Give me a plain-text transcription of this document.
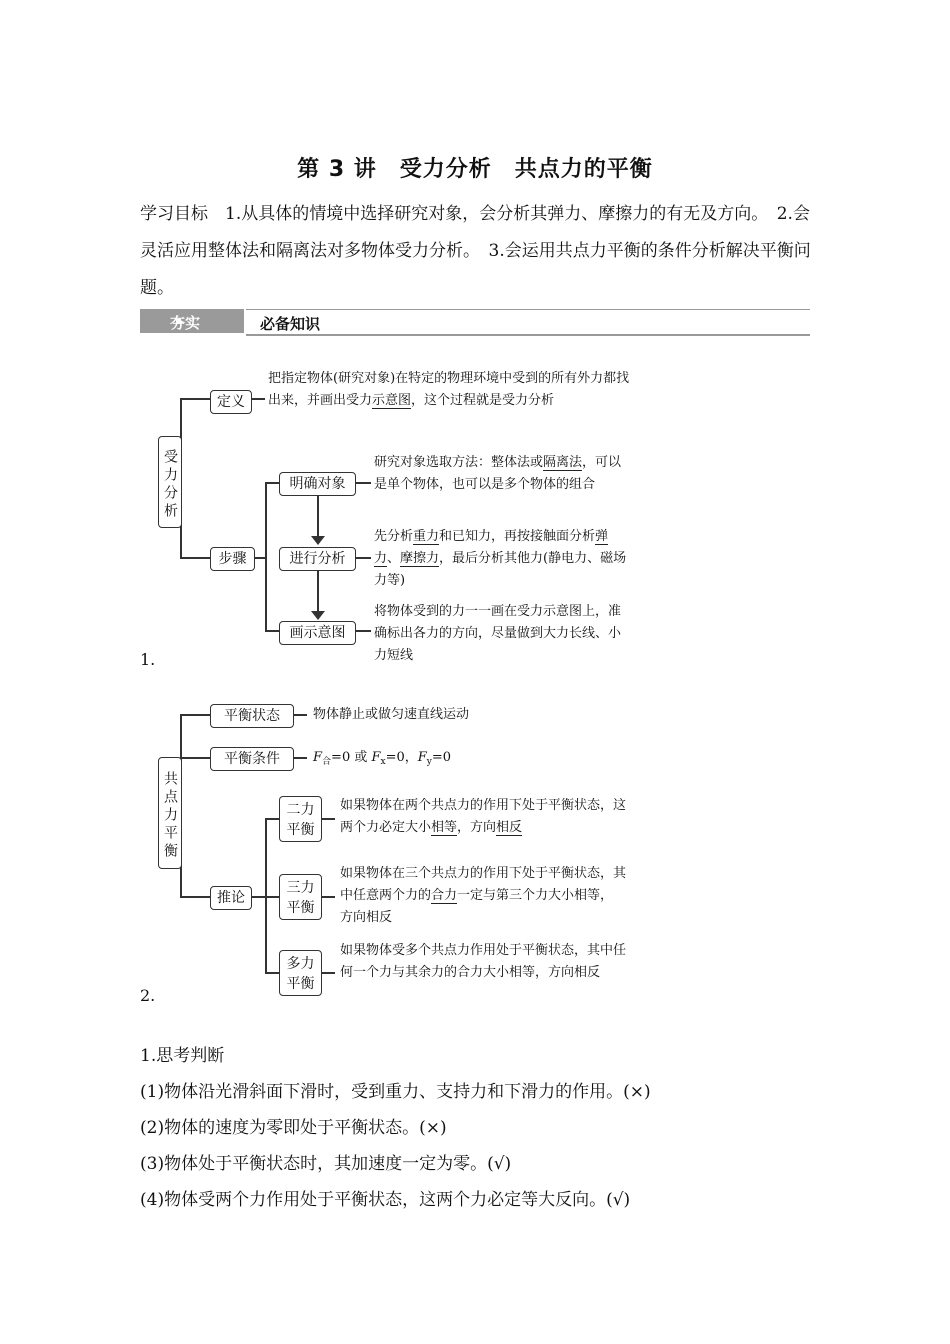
第 3 讲　受力分析　共点力的平衡
学习目标　1.从具体的情境中选择研究对象，会分析其弹力、摩擦力的有无及方向。　2.会灵活应用整体法和隔离法对多物体受力分析。　3.会运用共点力平衡的条件分析解决平衡问题。
夯实	必备知识
受力分析
定义
步骤
明确对象
进行分析
画示意图
把指定物体(研究对象)在特定的物理环境中受到的所有外力都找出来，并画出受力示意图，这个过程就是受力分析
研究对象选取方法：整体法或隔离法，可以是单个物体，也可以是多个物体的组合
先分析重力和已知力，再按接触面分析弹力、摩擦力，最后分析其他力(静电力、磁场力等)
将物体受到的力一一画在受力示意图上，准确标出各力的方向，尽量做到大力长线、小力短线
1.
共点力平衡
平衡状态
平衡条件
推论
二力平衡
三力平衡
多力平衡
物体静止或做匀速直线运动
$F_合=0$ 或 $F_x=0$，$F_y=0$
如果物体在两个共点力的作用下处于平衡状态，这两个力必定大小相等，方向相反
如果物体在三个共点力的作用下处于平衡状态，其中任意两个力的合力一定与第三个力大小相等，方向相反
如果物体受多个共点力作用处于平衡状态，其中任何一个力与其余力的合力大小相等，方向相反
2.
1.思考判断
(1)物体沿光滑斜面下滑时，受到重力、支持力和下滑力的作用。(×)
(2)物体的速度为零即处于平衡状态。(×)
(3)物体处于平衡状态时，其加速度一定为零。(√)
(4)物体受两个力作用处于平衡状态，这两个力必定等大反向。(√)
